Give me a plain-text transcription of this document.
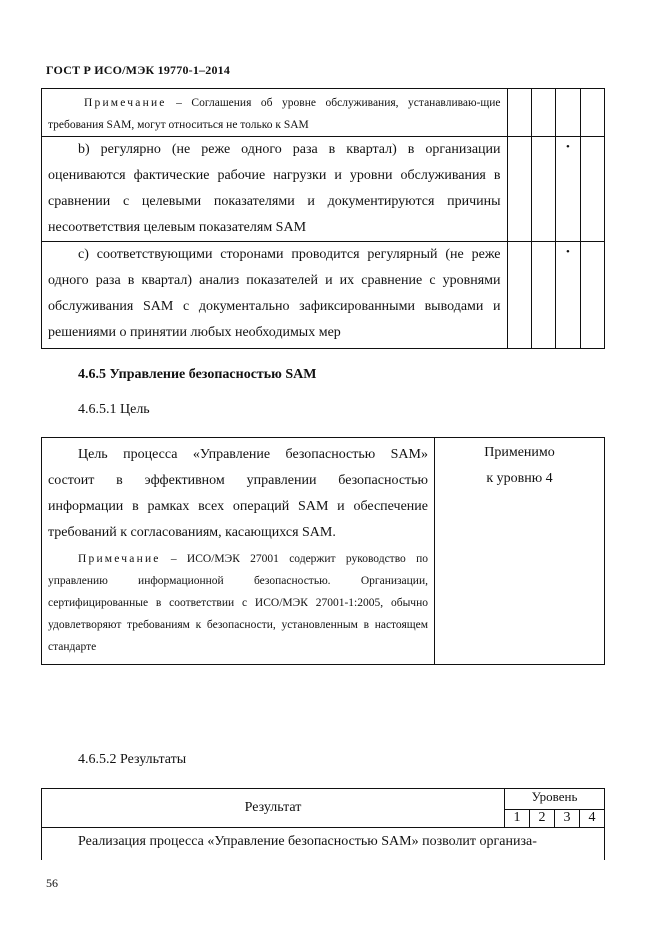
ГОСТ Р ИСО/МЭК 19770-1–2014
Примечание – Соглашения об уровне обслуживания, устанавливаю-щие требования SAM, могут относиться не только к SAM				

b) регулярно (не реже одного раза в квартал) в организации оцениваются фактические рабочие нагрузки и уровни обслуживания в сравнении с целевыми показателями и документируются причины несоответствия целевым показателям SAM			•	

c) соответствующими сторонами проводится регулярный (не реже одного раза в квартал) анализ показателей и их сравнение с уровнями обслуживания SAM с документально зафиксированными выводами и решениями о принятии любых необходимых мер			•	
4.6.5 Управление безопасностью SAM
4.6.5.1 Цель
Цель процесса «Управление безопасностью SAM» состоит в эффективном управлении безопасностью информации в рамках всех операций SAM и обеспечение требований к согласованиям, касающихся SAM.
Примечание – ИСО/МЭК 27001 содержит руководство по управлению информационной безопасностью. Организации, сертифицированные в соответствии с ИСО/МЭК 27001-1:2005, обычно удовлетворяют требованиям к безопасности, установленным в настоящем стандарте

Применимо
к уровню 4
4.6.5.2 Результаты
Результат	Уровень			
	1	2	3	4

Реализация процесса «Управление безопасностью SAM» позволит организа-				
56
